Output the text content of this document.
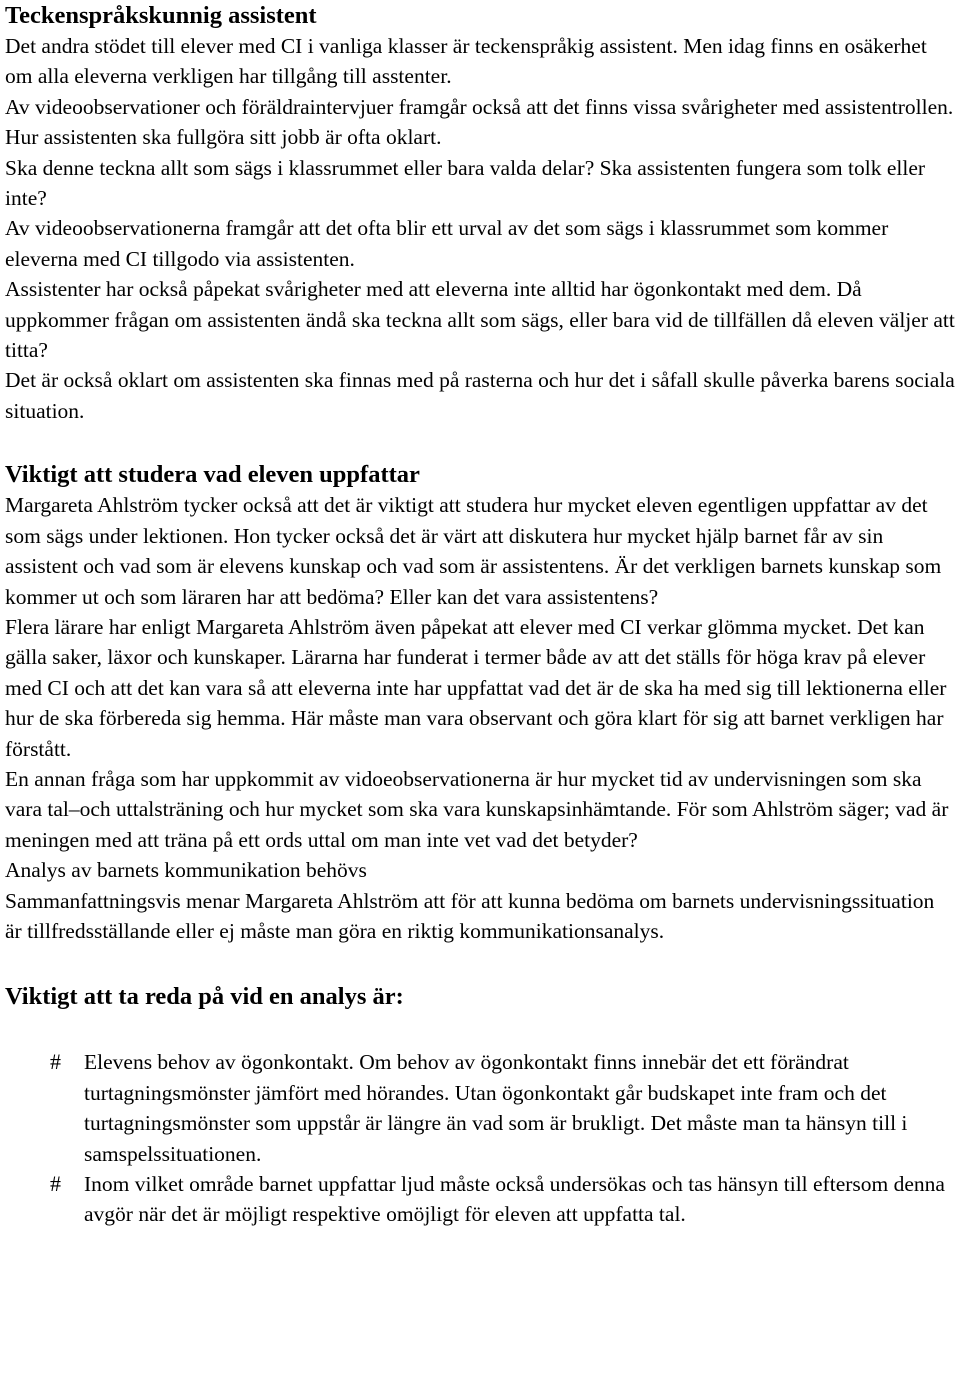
Teckenspråkskunnig assistent

Det andra stödet till elever med CI i vanliga klasser är teckenspråkig assistent. Men idag finns en osäkerhet om alla eleverna verkligen har tillgång till asstenter.

Av videoobservationer och föräldraintervjuer framgår också att det finns vissa svårigheter med assistentrollen. Hur assistenten ska fullgöra sitt jobb är ofta oklart.

Ska denne teckna allt som sägs i klassrummet eller bara valda delar? Ska assistenten fungera som tolk eller inte?

Av videoobservationerna framgår att det ofta blir ett urval av det som sägs i klassrummet som kommer eleverna med CI tillgodo via assistenten.

Assistenter har också påpekat svårigheter med att eleverna inte alltid har ögonkontakt med dem. Då uppkommer frågan om assistenten ändå ska teckna allt som sägs, eller bara vid de tillfällen då eleven väljer att titta?

Det är också oklart om assistenten ska finnas med på rasterna och hur det i såfall skulle påverka barens sociala situation.

Viktigt att studera vad eleven uppfattar

Margareta Ahlström tycker också att det är viktigt att studera hur mycket eleven egentligen uppfattar av det som sägs under lektionen. Hon tycker också det är värt att diskutera hur mycket hjälp barnet får av sin assistent och vad som är elevens kunskap och vad som är assistentens. Är det verkligen barnets kunskap som kommer ut och som läraren har att bedöma? Eller kan det vara assistentens?

Flera lärare har enligt Margareta Ahlström även påpekat att elever med CI verkar glömma mycket. Det kan gälla saker, läxor och kunskaper. Lärarna har funderat i termer både av att det ställs för höga krav på elever med CI och att det kan vara så att eleverna inte har uppfattat vad det är de ska ha med sig till lektionerna eller hur de ska förbereda sig hemma. Här måste man vara observant och göra klart för sig att barnet verkligen har förstått.

En annan fråga som har uppkommit av vidoeobservationerna är hur mycket tid av undervisningen som ska vara tal–och uttalsträning och hur mycket som ska vara kunskapsinhämtande. För som Ahlström säger; vad är meningen med att träna på ett ords uttal om man inte vet vad det betyder?

Analys av barnets kommunikation behövs

Sammanfattningsvis menar Margareta Ahlström att för att kunna bedöma om barnets undervisningssituation är tillfredsställande eller ej måste man göra en riktig kommunikationsanalys.

Viktigt att ta reda på vid en analys är:
#	Elevens behov av ögonkontakt. Om behov av ögonkontakt finns innebär det ett förändrat turtagningsmönster jämfört med hörandes. Utan ögonkontakt går budskapet inte fram och det turtagningsmönster som uppstår är längre än vad som är brukligt. Det måste man ta hänsyn till i samspelssituationen.
#	Inom vilket område barnet uppfattar ljud måste också undersökas och tas hänsyn till eftersom denna avgör när det är möjligt respektive omöjligt för eleven att uppfatta tal.
